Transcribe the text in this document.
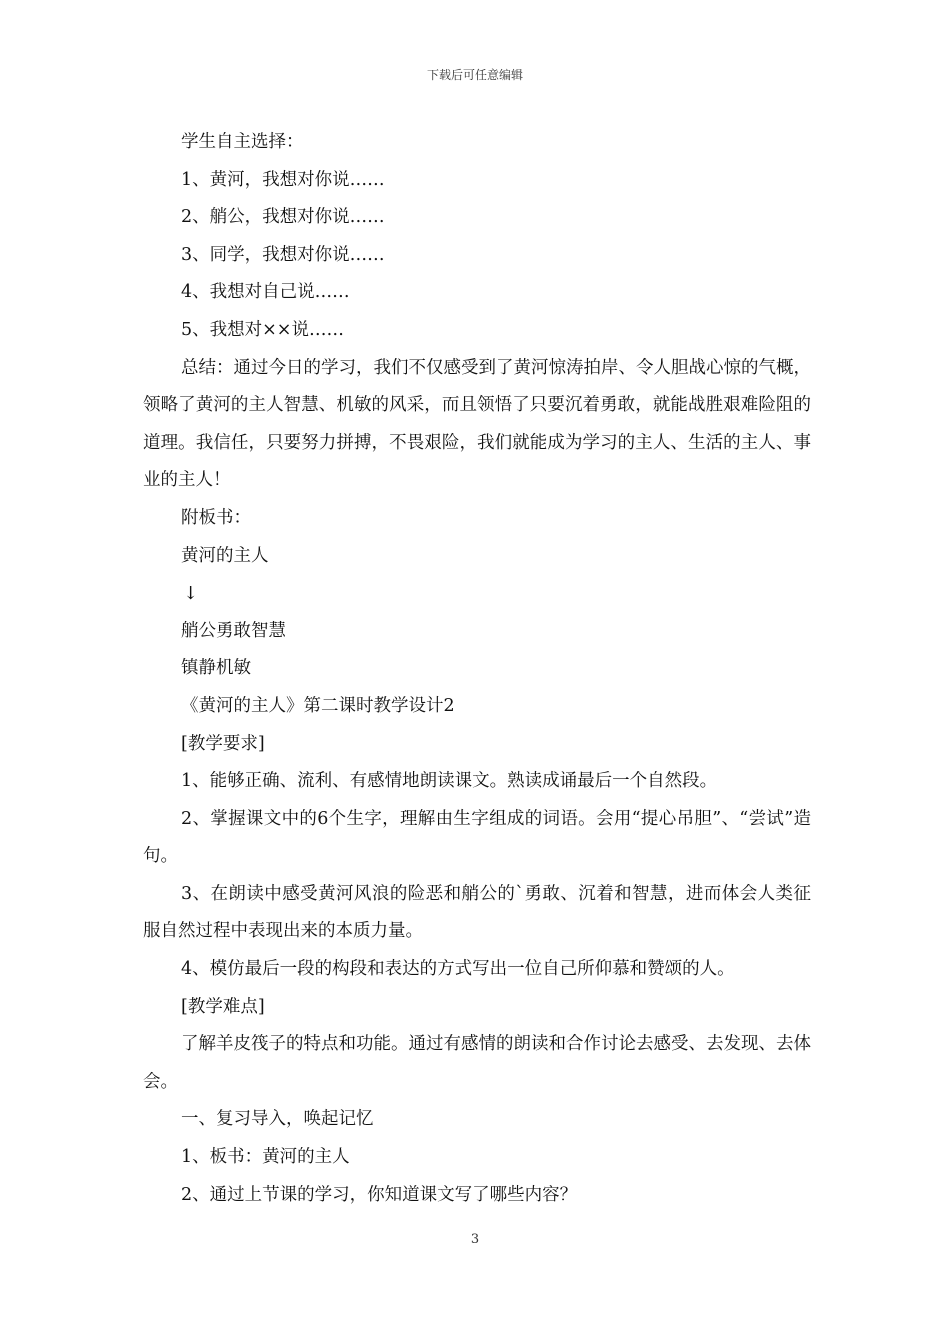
下载后可任意编辑

学生自主选择：

1、黄河，我想对你说……

2、艄公，我想对你说……

3、同学，我想对你说……

4、我想对自己说……

5、我想对××说……

总结：通过今日的学习，我们不仅感受到了黄河惊涛拍岸、令人胆战心惊的气概，领略了黄河的主人智慧、机敏的风采，而且领悟了只要沉着勇敢，就能战胜艰难险阻的道理。我信任，只要努力拼搏，不畏艰险，我们就能成为学习的主人、生活的主人、事业的主人！

附板书：

黄河的主人

↓

艄公勇敢智慧

镇静机敏

《黄河的主人》第二课时教学设计2

[教学要求]

1、能够正确、流利、有感情地朗读课文。熟读成诵最后一个自然段。

2、掌握课文中的6个生字，理解由生字组成的词语。会用“提心吊胆”、“尝试”造句。

3、在朗读中感受黄河风浪的险恶和艄公的`勇敢、沉着和智慧，进而体会人类征服自然过程中表现出来的本质力量。

4、模仿最后一段的构段和表达的方式写出一位自己所仰慕和赞颂的人。

[教学难点]

了解羊皮筏子的特点和功能。通过有感情的朗读和合作讨论去感受、去发现、去体会。

一、复习导入，唤起记忆

1、板书：黄河的主人

2、通过上节课的学习，你知道课文写了哪些内容？

3
